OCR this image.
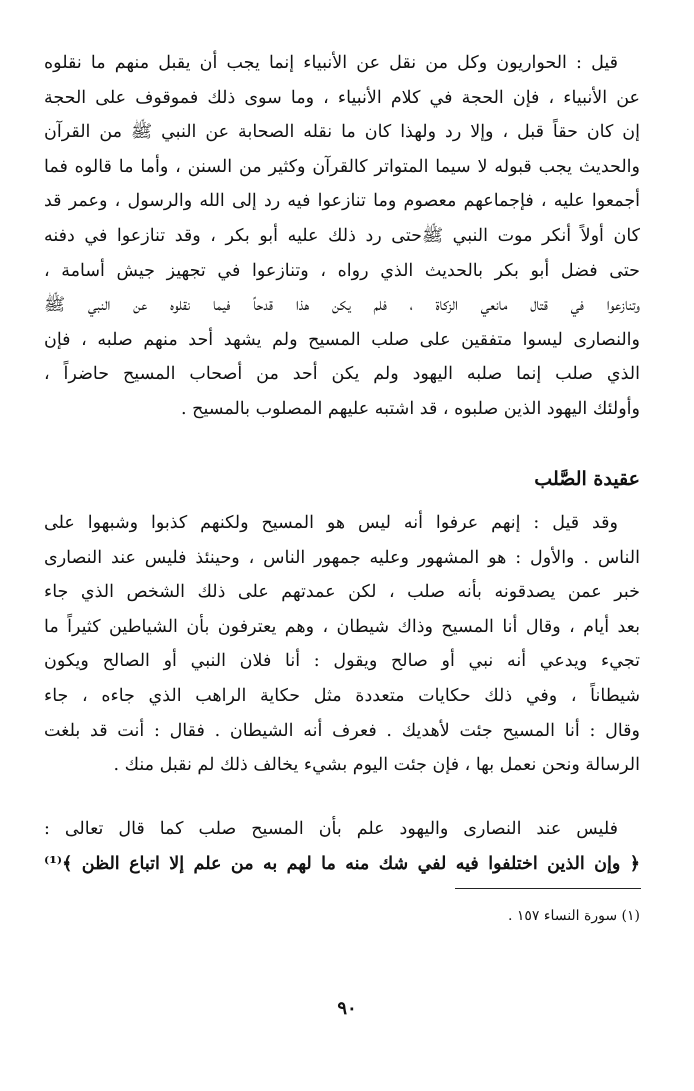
قيل : الحواريون وكل من نقل عن الأنبياء إنما يجب أن يقبل منهم ما نقلوه
عن الأنبياء ، فإن الحجة في كلام الأنبياء ، وما سوى ذلك فموقوف على الحجة
إن كان حقاً قبل ، وإلا رد ولهذا كان ما نقله الصحابة عن النبي ﷺ من القرآن
والحديث يجب قبوله لا سيما المتواتر كالقرآن وكثير من السنن ، وأما ما قالوه فما
أجمعوا عليه ، فإجماعهم معصوم وما تنازعوا فيه رد إلى الله والرسول ، وعمر قد
كان أولاً أنكر موت النبي ﷺحتى رد ذلك عليه أبو بكر ، وقد تنازعوا في دفنه
حتى فضل أبو بكر بالحديث الذي رواه ، وتنازعوا في تجهيز جيش أسامة ،
وتنازعوا في قتال مانعي الزكاة ، فلم يكن هذا قدحاً فيما نقلوه عن النبي ﷺ
والنصارى ليسوا متفقين على صلب المسيح ولم يشهد أحد منهم صلبه ، فإن
الذي صلب إنما صلبه اليهود ولم يكن أحد من أصحاب المسيح حاضراً ،
وأولئك اليهود الذين صلبوه ، قد اشتبه عليهم المصلوب بالمسيح .
عقيدة الصَّلب
وقد قيل : إنهم عرفوا أنه ليس هو المسيح ولكنهم كذبوا وشبهوا على
الناس . والأول : هو المشهور وعليه جمهور الناس ، وحينئذ فليس عند النصارى
خبر عمن يصدقونه بأنه صلب ، لكن عمدتهم على ذلك الشخص الذي جاء
بعد أيام ، وقال أنا المسيح وذاك شيطان ، وهم يعترفون بأن الشياطين كثيراً ما
تجيء ويدعي أنه نبي أو صالح ويقول : أنا فلان النبي أو الصالح ويكون
شيطاناً ، وفي ذلك حكايات متعددة مثل حكاية الراهب الذي جاءه ، جاء
وقال : أنا المسيح جئت لأهديك . فعرف أنه الشيطان . فقال : أنت قد بلغت
الرسالة ونحن نعمل بها ، فإن جئت اليوم بشيء يخالف ذلك لم نقبل منك .
فليس عند النصارى واليهود علم بأن المسيح صلب كما قال تعالى :
﴿ وإن الذين اختلفوا فيه لفي شك منه ما لهم به من علم إلا اتباع الظن ﴾⁽¹⁾
(١) سورة النساء ١٥٧ .
٩٠
